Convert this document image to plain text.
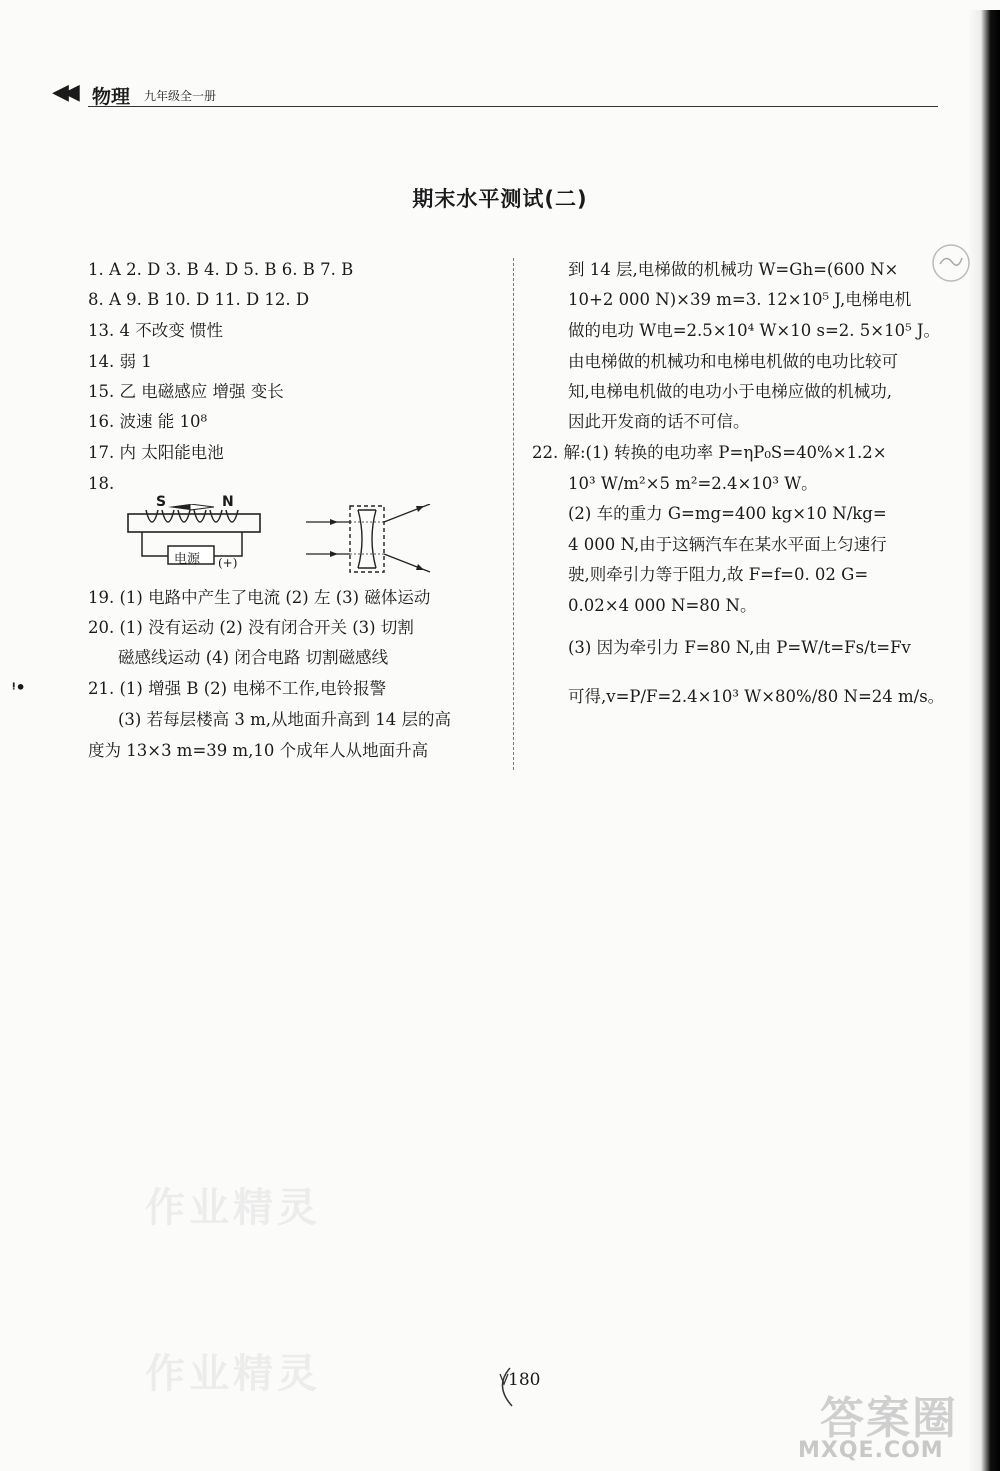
◀◀ 物理 九年级全一册
期末水平测试(二)
1. A 2. D 3. B 4. D 5. B 6. B 7. B
8. A 9. B 10. D 11. D 12. D
13. 4 不改变 惯性
14. 弱 1
15. 乙 电磁感应 增强 变长
16. 波速 能 10⁸
17. 内 太阳能电池
18.
S	N
电源 (+)
19. (1) 电路中产生了电流 (2) 左 (3) 磁体运动
20. (1) 没有运动 (2) 没有闭合开关 (3) 切割
磁感线运动 (4) 闭合电路 切割磁感线
21. (1) 增强 B (2) 电梯不工作,电铃报警
(3) 若每层楼高 3 m,从地面升高到 14 层的高
度为 13×3 m=39 m,10 个成年人从地面升高
ᵎ•
到 14 层,电梯做的机械功 W=Gh=(600 N×
10+2 000 N)×39 m=3. 12×10⁵ J,电梯电机
做的电功 W电=2.5×10⁴ W×10 s=2. 5×10⁵ J。
由电梯做的机械功和电梯电机做的电功比较可
知,电梯电机做的电功小于电梯应做的机械功,
因此开发商的话不可信。
22. 解:(1) 转换的电功率 P=ηP₀S=40%×1.2×
10³ W/m²×5 m²=2.4×10³ W。
(2) 车的重力 G=mg=400 kg×10 N/kg=
4 000 N,由于这辆汽车在某水平面上匀速行
驶,则牵引力等于阻力,故 F=f=0. 02 G=
0.02×4 000 N=80 N。
(3) 因为牵引力 F=80 N,由 P=W/t=Fs/t=Fv
可得,v=P/F=2.4×10³ W×80%/80 N=24 m/s。
作业精灵
作业精灵	180
答案圈
MXQE.COM
